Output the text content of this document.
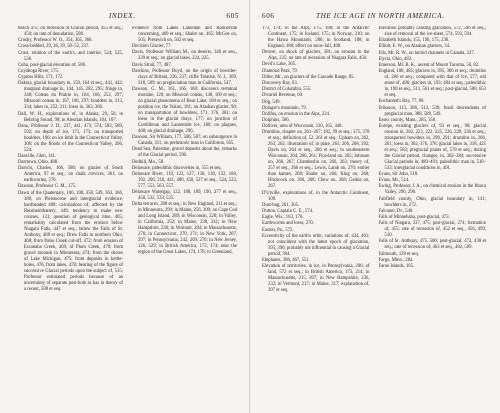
INDEX.	605

beach 475; on recession of Glacial period, 455 et seq.; 450; on rate of denudation, 508.

Crosby, Professor W. O., 354, 365, 366.

Cross-bedded, 29, 36, 39, 50–52, 237.

Crust, relation of the earth's, and interior, 524, 525, 536.

Cuba, post-glacial elevation of, 586.

Cuyahoga River, 175.

Cypress Hills, 171, 172.

Dakota, glacial boundary in, 159, 164 et seq., 441, 442; marginal drainage in, 144, 145, 282, 295; fringe in, 348; Coteau du Prairie in, 164, 166, 252, 297; Missouri coteau in, 167, 168, 297; boulders in, 313, 334; lakes in, 252, 311; loess in, 363, 366.

Dall, W. H., explorations of, in Alaska, 29, 56; in Behring Sound, 98; in Aleutian Islands, 104, 107.

Dana, Professor J. D., 237, 441, 473, 574, 583, 589, 592; on depth of ice, 171, 173; on transported boulders, 196; on ice limit in the Connecticut Valley, 300; on the floods of the Connecticut Valley, 306, 524.

Danville, Glen, 141.

Darrtown, Ohio, 488.

Darwin, Charles, 166, 580; on glacier of South America, 97 et seq.; on chalk crevices, 361; on earthworms, 570.

Dawson, Professor G. M., 175.

Dawn of the Quaternary, 106, 108, 358, 549, 363, 366, 380; on Pleistocene and interglacial evidence, hardheaded 480; calculations of, affected by the Rensheimbattery, 449; tendency to make new courses, 131; question of geological time, 465; remarkably calculated from the erosion below Niagara Falls, 447 et seq.; below the Falls of St. Anthony, 468 et seq.; Drew Falls in northern Ohio, 468; from Pulse Creek cut-off, 472; from erosion of Escanaba Creek, 469; of Plum Creek, 470; from gravel mounds in Minnesota, 474; from the shores of Lake Michigan, 475; from deposits in kettle-holes, 476, from lakes, 478; bearing of the figure of successive Glacial periods upon the subject of, 515; Professor estimated periods because of an uncertainty of separate post-hole as has in theory of a recent, 508 et seq.

evidence from Lakes Lahontan and Bonneville concerning, 469 et seq.; Shaler on, 465; McGee on, 505; Prestwich on, 502 et seq.

Decision Glacier, 77.

Davis, Professor William M., on deserts, 346 et seq., 339 et seq.; on glacial lakes, 224, 225.

Davis Strait, 77, 487.

Dawkins, Professor Boyd, on the origin of bowlder-clays of Britain, 236, 237; cliffe Treatise, N. J., 309, 318, 509; on preglaciation man in California, 547.

Dawson, G. M., 161, 166, 168; discovers terminal moraine, 120; on Missouri coteau, 148, 169 et seq.; on glacial phenomena of Bear Lake, 160 et seq.; on position ice, the Yukon, 181; on Alaskan glacier, 98; on transportation of bowlders, 171, 376, 381; on loess in the glacial drays, 177; on junction of Cordilleran and Laurentide ice, 180; on plagues, 468; on glacial drainage, 296.

Dawson, Sir William, 177, 586, 587; on subsurgence in Canada, 311; on prehistoric man in California, 565.

Dead Sea, Palestine, gravel deposits about the, remarks of the Glacial period, 590.

Dedhill, Mo., 58.

Delaware, paleolithic discoveries in, 555 et seq.

Delaware River, 119, 122, 127, 130, 130, 132, 188, 192, 206, 218, 441, 480, 458, 527 et seq., 524, 523, 577, 553, 563, 557.

Delaware Watergap, 122, 188, 189, 190, 277 et seq., 450, 532, 533, 535.

Delta terraces, 208 et seq.; in New England, 211 et seq.; in Minnesota, 299; in Maine, 256, 309; on Cape Cod and Long Island, 289; in Wisconsin, 220; in Valley, in California, 252; in Maine, 238, 241; in New Hampshire, 236; in Vermont, 284; in Massachusetts, 276; in Connecticut, 270, 271; in New York, 207, 297; in Pennsylvania, 242, 269, 270; in New Jersey, 126, 529; in British America, 172, 174; near the region of the Great Lakes, 174, 178; in Greenland,

606	THE ICE AGE IN NORTH AMERICA.

173, 174; in the Alps, 175, 188; in the Antarctic Continent, 175; in Iceland, 175; in Norway, 210; on the Hawa Mountains, 286; in Scotland, 188; in England, 188; effect on snow-fall, 408.

Denver, on shock of glaciers, 381; on erosion in the Alps, 235; on rate of recession of Niagara Falls, 450.

Devil's Lake, 305.

Diamond Peak, 79.

Diller, Mr., on glaciers of the Cascade Range, 85.

Discovery Bay, 63.

District of Columbia, 555.

Divariel Revenue, 69.

Dog, 549.

Dolager's mountain, 79.

Dollfus, on erosion in the Alps, 224.

Dolphins, 586.

Dolliver, area of Wisconsin, 120, 165, 448.

Drumlins, chapter on, 261–267; 182, 99 et seq.; 375, 378 et seq.; definition of, 52, 261 et seq.; Upham on, 262, 263, 262; illustration of, in plate, 261; 266, 268, 392; Davis on, 264 et seq., 266 et seq.; in southeastern Wisconsin, 264, 266, 261; Flowland on, 265; Johnson on, 266, 267; Chamberlin on, 266, 263; theory of, 257 et seq., 266 et seq.; Lewis, Lamb on, 270; earlier than kames, 268; Shaler on, 266; King on, 268; Hitchcock on, 266, 268; Chew on, 268; Geikie on, 267.

D'Urville, explorations of, in the Antarctic Continent, 109.

Dust-bag, 261, 365.

Dutton, Captain C. E., 574.

Eagle, Wis., 163, 176.

Earthworms and loess, 270.

Easton, Pa., 572.

Eccentricity of the earth's orbit, variations of, 434, 461; not coincident with the latest epoch of glaciation, 395, 396; probably not influential in causing a Glacial period, 394.

Elephants, 386, 467, 551.

Elevation of territories, in ice, in Pennsylvania, 206; of land, 572 et seq.; in British America, 173, 214; in Massachusetts, 215, 207; in New Hampshire, 236, 232; in Vermont, 217; in Maine, 317; explanation of, 397 et seq.

Elevation probably causing glaciation, 572, 596 et seq.; size of removal of the ice-sheet, 574, 593, 594.

Elizabeth Islands, 155, 196, 175, 230.

Elliott, E. W., on Alaskan glaciers, 34.

Ells, Mr. R. W., on buried channels in Canada, 327.

Elyria, Ohio, 483.

Emerson, Mr. B. K., ascent of Mount Tacoma, 56, 82.

England, 188, 485; glaciers in, 395, 386 et seq.; drumlins of, 266 et seq.; compared with that of Ice, 577; old stone of, 486; glaciers in, 193; 484 et seq.; paleolithic in, 190 et seq., 511, 561 et seq.; post-glacial, 588, 653 et seq.

Enchanted's Bay, 77, 88.

Eriksson, 113, 386, 512, 539; fossil descendants of preglacial man, 388, 589, 549.

Essex county, Mass., 285, 350.

Europe, existing glaciers of, 93 et seq., 98; glacial erosion in, 282, 223, 222, 225, 226, 228, 236 et seq.; transported bowlders in, 290, 291; drumlins in, 266, 261; loess in, 362, 376, 378; glacial lakes in, 318, 425 et seq.; 583; preglacial plants of, 578 et seq.; during the Glacial period, changes, in, 382–384; successive Glacial periods in, 480–491; paleolithic man in, 510–533; interglacial conditions in, 491.

Evans, Sir John, 518.

Evans, Mr., 514.

Ewing, Professor J. A., on chemical erosion in the Ithaca Valley, 296, 298.

Fairfield county, Ohio, glacial boundary in, 141; bowlders in, 272.

Falconer, Dr., 548.

Falls of Minnehaha, post-glacial, 473.

Falls of Niagara, 337, 475; post-glacial, 274; formation of, 455; rate of recession of, 452 et seq., 456, 499, 510.

Falls of St. Anthony, 475, 500; post-glacial, 473, 438 et seq.; rate of recession of, 463 et seq., 482, 509.

Falmouth, 128 et seq.

Fargo, Minn., 284.

Faroe Islands, 105.
